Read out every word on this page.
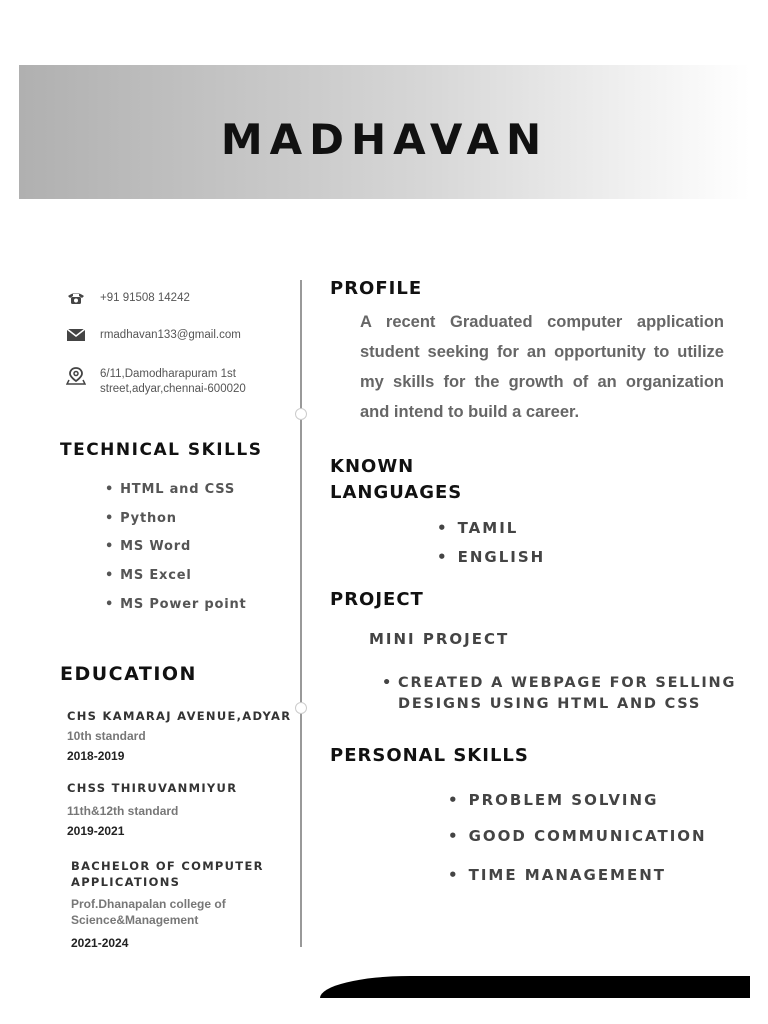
MADHAVAN
+91 91508 14242
rmadhavan133@gmail.com
6/11,Damodharapuram 1st
street,adyar,chennai-600020
TECHNICAL SKILLS
• HTML and CSS
• Python
• MS Word
• MS Excel
• MS Power point
EDUCATION
CHS KAMARAJ AVENUE,ADYAR
10th standard
2018-2019
CHSS THIRUVANMIYUR
11th&12th standard
2019-2021
BACHELOR OF COMPUTER
APPLICATIONS
Prof.Dhanapalan college of
Science&Management
2021-2024
PROFILE
A recent Graduated computer application student seeking for an opportunity to utilize my skills for the growth of an organization and intend to build a career.
KNOWN
LANGUAGES
• TAMIL
• ENGLISH
PROJECT
MINI PROJECT
• CREATED A WEBPAGE FOR SELLING DESIGNS USING HTML AND CSS
PERSONAL SKILLS
• PROBLEM SOLVING
• GOOD COMMUNICATION
• TIME MANAGEMENT
